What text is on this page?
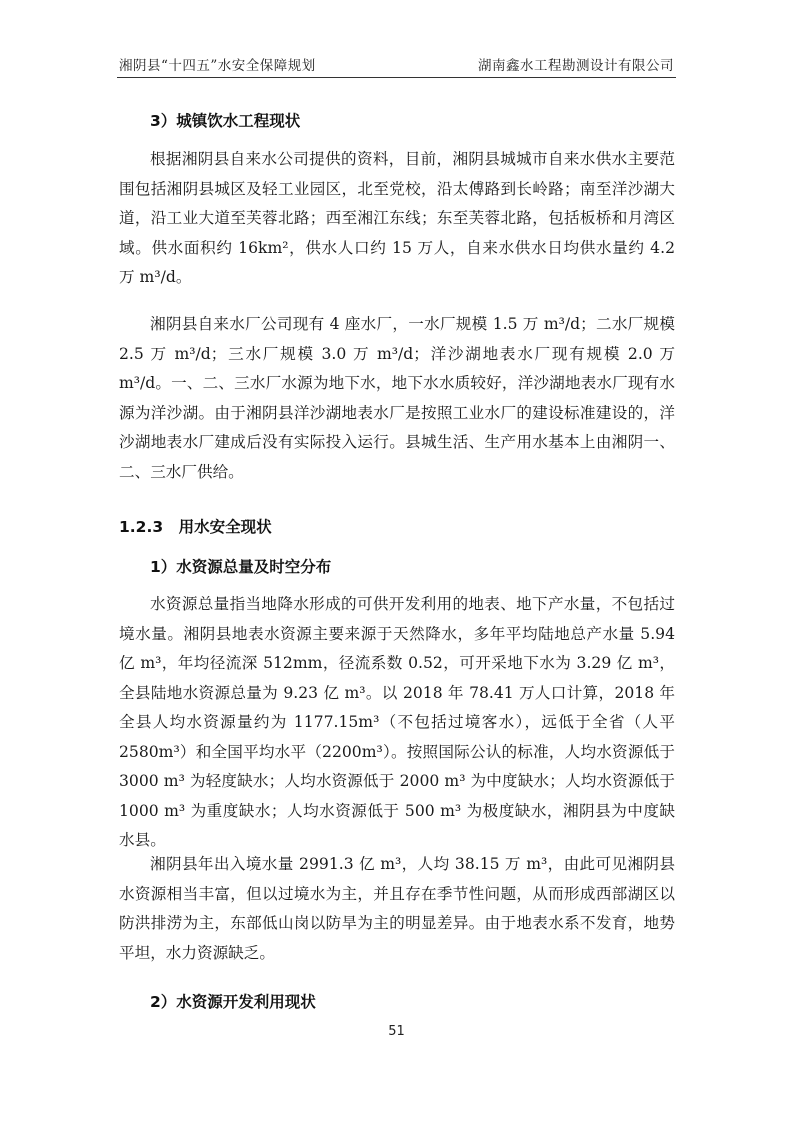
湘阴县“十四五”水安全保障规划	湖南鑫水工程勘测设计有限公司
3）城镇饮水工程现状
根据湘阴县自来水公司提供的资料，目前，湘阴县城城市自来水供水主要范围包括湘阴县城区及轻工业园区，北至党校，沿太傅路到长岭路；南至洋沙湖大道，沿工业大道至芙蓉北路；西至湘江东线；东至芙蓉北路，包括板桥和月湾区域。供水面积约 16km²，供水人口约 15 万人，自来水供水日均供水量约 4.2 万 m³/d。
湘阴县自来水厂公司现有 4 座水厂，一水厂规模 1.5 万 m³/d；二水厂规模 2.5 万 m³/d；三水厂规模 3.0 万 m³/d；洋沙湖地表水厂现有规模 2.0 万 m³/d。一、二、三水厂水源为地下水，地下水水质较好，洋沙湖地表水厂现有水源为洋沙湖。由于湘阴县洋沙湖地表水厂是按照工业水厂的建设标准建设的，洋沙湖地表水厂建成后没有实际投入运行。县城生活、生产用水基本上由湘阴一、二、三水厂供给。
1.2.3　用水安全现状
1）水资源总量及时空分布
水资源总量指当地降水形成的可供开发利用的地表、地下产水量，不包括过境水量。湘阴县地表水资源主要来源于天然降水，多年平均陆地总产水量 5.94 亿 m³，年均径流深 512mm，径流系数 0.52，可开采地下水为 3.29 亿 m³，全县陆地水资源总量为 9.23 亿 m³。以 2018 年 78.41 万人口计算，2018 年全县人均水资源量约为 1177.15m³（不包括过境客水），远低于全省（人平 2580m³）和全国平均水平（2200m³）。按照国际公认的标准，人均水资源低于 3000 m³ 为轻度缺水；人均水资源低于 2000 m³ 为中度缺水；人均水资源低于 1000 m³ 为重度缺水；人均水资源低于 500 m³ 为极度缺水，湘阴县为中度缺水县。
湘阴县年出入境水量 2991.3 亿 m³，人均 38.15 万 m³，由此可见湘阴县水资源相当丰富，但以过境水为主，并且存在季节性问题，从而形成西部湖区以防洪排涝为主，东部低山岗以防旱为主的明显差异。由于地表水系不发育，地势平坦，水力资源缺乏。
2）水资源开发利用现状
51
